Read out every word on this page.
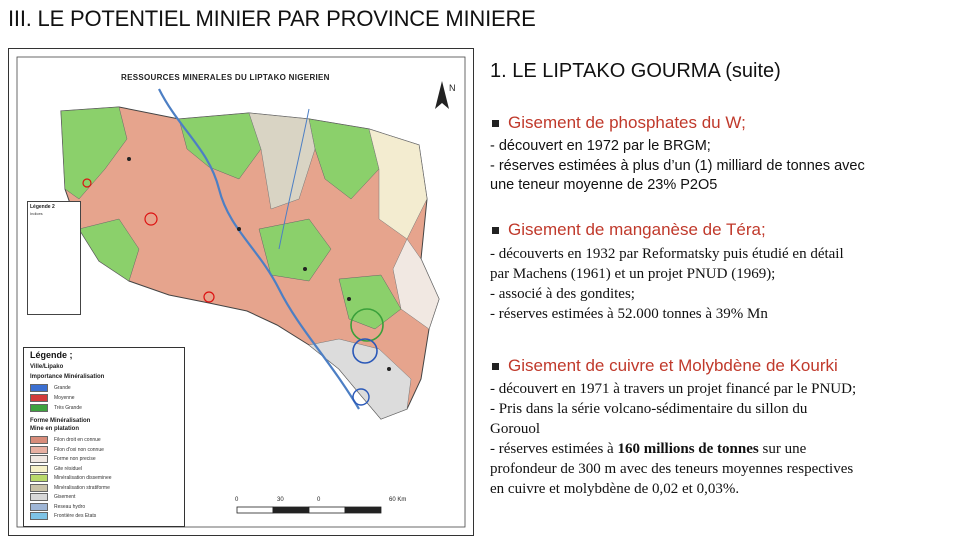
III. LE POTENTIEL MINIER PAR PROVINCE MINIERE
RESSOURCES MINERALES DU LIPTAKO NIGERIEN
N
Légende 2
Indices
Légende ;
Ville/Lipako
Importance Minéralisation
Grande
Moyenne
Très Grande
Forme Minéralisation
Mine en platation
Filon droit en connue
Filon d'oxi non connue
Forme non precise
Gite résiduel
Minéralisation disseminee
Minéralisation stratiforme
Gisement
Reseau hydro
Frontière des Etats
0	30	0	60 Km
1. LE LIPTAKO GOURMA (suite)
Gisement de phosphates du W;
- découvert en 1972 par le BRGM;
- réserves estimées à plus d’un (1) milliard de tonnes avec
une teneur moyenne de 23% P2O5
Gisement de manganèse de Téra;
- découverts en 1932 par Reformatsky puis étudié en détail
par Machens (1961) et un projet PNUD (1969);
- associé à des gondites;
- réserves estimées à 52.000 tonnes à 39% Mn
Gisement de cuivre et Molybdène de Kourki
- découvert en 1971 à travers un projet financé par le PNUD;
- Pris dans la série volcano-sédimentaire du sillon du
Gorouol
- réserves estimées à 160 millions de tonnes sur une
profondeur de 300 m avec des teneurs moyennes respectives
en cuivre et molybdène de 0,02 et 0,03%.
